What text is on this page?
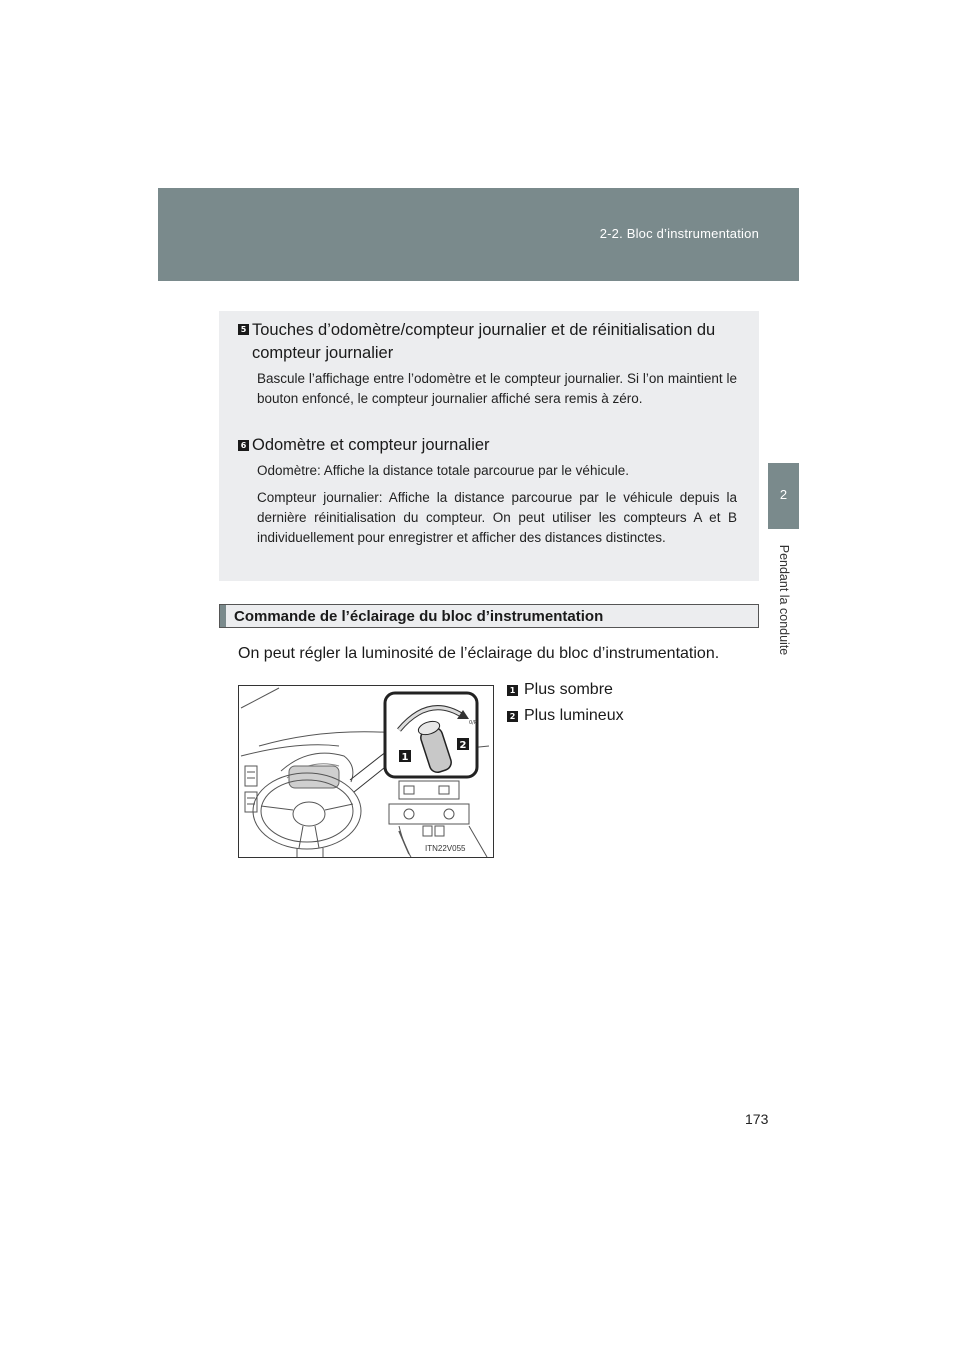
2-2. Bloc d’instrumentation
2
Pendant la conduite
5 Touches d’odomètre/compteur journalier et de réinitialisation du compteur journalier
Bascule l’affichage entre l’odomètre et le compteur journalier. Si l’on maintient le bouton enfoncé, le compteur journalier affiché sera remis à zéro.
6 Odomètre et compteur journalier
Odomètre: Affiche la distance totale parcourue par le véhicule.
Compteur journalier: Affiche la distance parcourue par le véhicule depuis la dernière réinitialisation du compteur. On peut utiliser les compteurs A et B individuellement pour enregistrer et afficher des distances distinctes.
Commande de l’éclairage du bloc d’instrumentation
On peut régler la luminosité de l’éclairage du bloc d’instrumentation.
1 Plus sombre
2 Plus lumineux
0/P
1
2
ITN22V055
173
